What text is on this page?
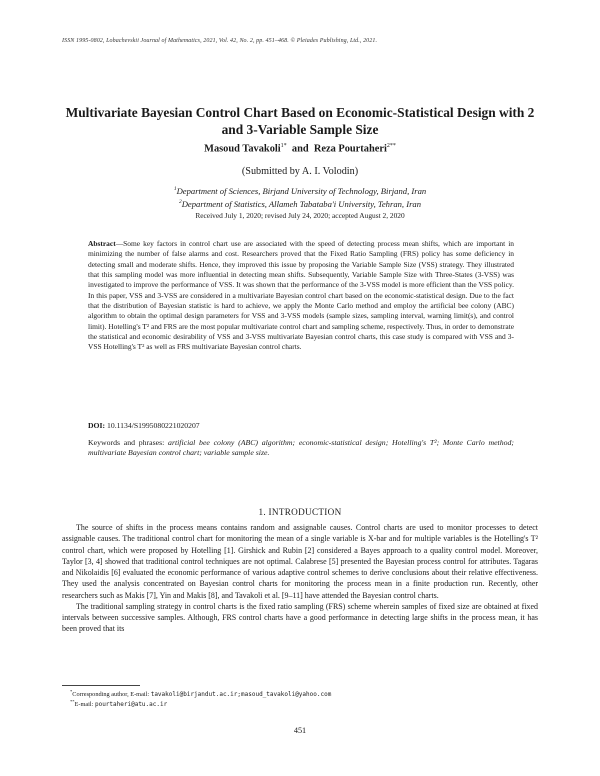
ISSN 1995-0802, Lobachevskii Journal of Mathematics, 2021, Vol. 42, No. 2, pp. 451–468. © Pleiades Publishing, Ltd., 2021.
Multivariate Bayesian Control Chart Based on Economic-Statistical Design with 2 and 3-Variable Sample Size
Masoud Tavakoli$^{1*}$ and Reza Pourtaheri$^{2**}$
(Submitted by A. I. Volodin)
$^1$Department of Sciences, Birjand University of Technology, Birjand, Iran
$^2$Department of Statistics, Allameh Tabataba'i University, Tehran, Iran
Received July 1, 2020; revised July 24, 2020; accepted August 2, 2020
Abstract—Some key factors in control chart use are associated with the speed of detecting process mean shifts, which are important in minimizing the number of false alarms and cost. Researchers proved that the Fixed Ratio Sampling (FRS) policy has some deficiency in detecting small and moderate shifts. Hence, they improved this issue by proposing the Variable Sample Size (VSS) strategy. They illustrated that this sampling model was more influential in detecting mean shifts. Subsequently, Variable Sample Size with Three-States (3-VSS) was investigated to improve the performance of VSS. It was shown that the performance of the 3-VSS model is more efficient than the VSS policy. In this paper, VSS and 3-VSS are considered in a multivariate Bayesian control chart based on the economic-statistical design. Due to the fact that the distribution of Bayesian statistic is hard to achieve, we apply the Monte Carlo method and employ the artificial bee colony (ABC) algorithm to obtain the optimal design parameters for VSS and 3-VSS models (sample sizes, sampling interval, warning limit(s), and control limit). Hotelling's T² and FRS are the most popular multivariate control chart and sampling scheme, respectively. Thus, in order to demonstrate the statistical and economic desirability of VSS and 3-VSS multivariate Bayesian control charts, this case study is compared with VSS and 3-VSS Hotelling's T² as well as FRS multivariate Bayesian control charts.
DOI: 10.1134/S1995080221020207
Keywords and phrases: artificial bee colony (ABC) algorithm; economic-statistical design; Hotelling's T²; Monte Carlo method; multivariate Bayesian control chart; variable sample size.
1. INTRODUCTION

The source of shifts in the process means contains random and assignable causes. Control charts are used to monitor processes to detect assignable causes. The traditional control chart for monitoring the mean of a single variable is X-bar and for multiple variables is the Hotelling's T² control chart, which were proposed by Hotelling [1]. Girshick and Rubin [2] considered a Bayes approach to a quality control model. Moreover, Taylor [3, 4] showed that traditional control techniques are not optimal. Calabrese [5] presented the Bayesian process control for attributes. Tagaras and Nikolaidis [6] evaluated the economic performance of various adaptive control schemes to derive conclusions about their relative effectiveness. They used the analysis concentrated on Bayesian control charts for monitoring the process mean in a finite production run. Recently, other researchers such as Makis [7], Yin and Makis [8], and Tavakoli et al. [9–11] have attended the Bayesian control charts.

The traditional sampling strategy in control charts is the fixed ratio sampling (FRS) scheme wherein samples of fixed size are obtained at fixed intervals between successive samples. Although, FRS control charts have a good performance in detecting large shifts in the process mean, it has been proved that its

*Corresponding author, E-mail: tavakoli@birjandut.ac.ir;masoud_tavakoli@yahoo.com
**E-mail: pourtaheri@atu.ac.ir
451
